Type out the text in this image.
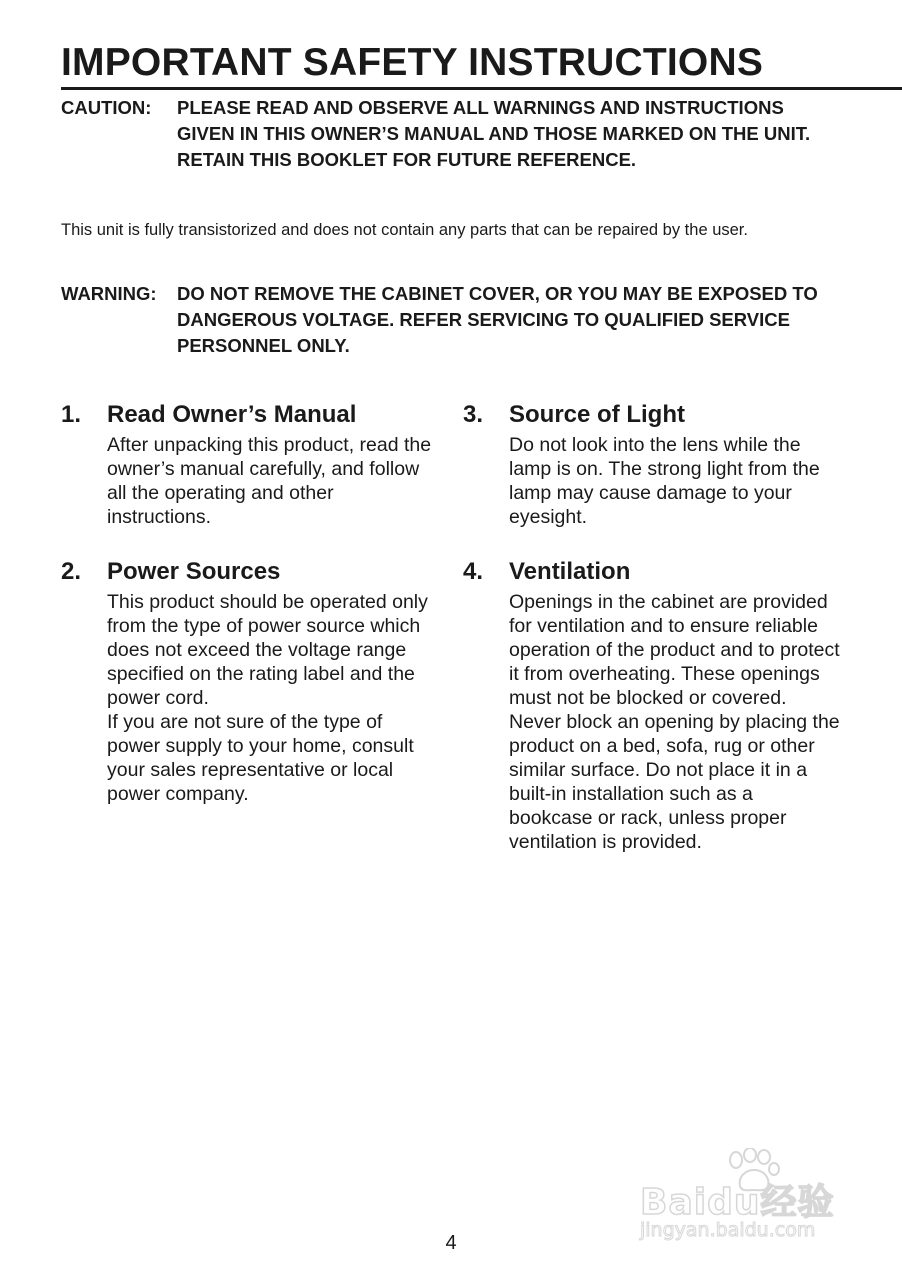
IMPORTANT SAFETY INSTRUCTIONS
CAUTION: PLEASE READ AND OBSERVE ALL WARNINGS AND INSTRUCTIONS GIVEN IN THIS OWNER’S MANUAL AND THOSE MARKED ON THE UNIT. RETAIN THIS BOOKLET FOR FUTURE REFERENCE.
This unit is fully transistorized and does not contain any parts that can be repaired by the user.
WARNING: DO NOT REMOVE THE CABINET COVER, OR YOU MAY BE EXPOSED TO DANGEROUS VOLTAGE. REFER SERVICING TO QUALIFIED SERVICE PERSONNEL ONLY.
1. Read Owner’s Manual

After unpacking this product, read the owner’s manual carefully, and follow all the operating and other instructions.

2. Power Sources

This product should be operated only from the type of power source which does not exceed the voltage range specified on the rating label and the power cord.

If you are not sure of the type of power supply to your home, consult your sales representative or local power company.

3. Source of Light

Do not look into the lens while the lamp is on. The strong light from the lamp may cause damage to your eyesight.

4. Ventilation

Openings in the cabinet are provided for ventilation and to ensure reliable operation of the product and to protect it from overheating. These openings must not be blocked or covered. Never block an opening by placing the product on a bed, sofa, rug or other similar surface. Do not place it in a built-in installation such as a bookcase or rack, unless proper ventilation is provided.

4
Baidu经验
jingyan.baidu.com
